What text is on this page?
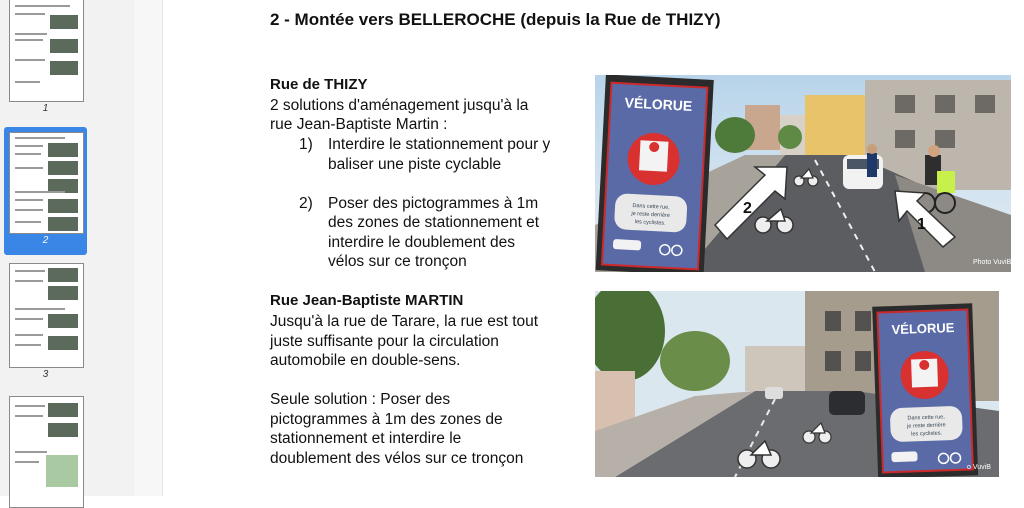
1
2
3
2 - Montée vers BELLEROCHE (depuis la Rue de THIZY)
Rue de THIZY
2 solutions d'aménagement jusqu'à la
rue Jean-Baptiste Martin :
1) Interdire le stationnement pour y
baliser une piste cyclable
2) Poser des pictogrammes à 1m
des zones de stationnement et
interdire le doublement des
vélos sur ce tronçon
Rue Jean-Baptiste MARTIN
Jusqu'à la rue de Tarare, la rue est tout
juste suffisante pour la circulation
automobile en double-sens.
Seule solution : Poser des
pictogrammes à 1m des zones de
stationnement et interdire le
doublement des vélos sur ce tronçon
VÉLORUE
Dans cette rue,
je reste derrière
les cyclistes.
2
1
Photo VuviB
VÉLORUE
Dans cette rue,
je reste derrière
les cyclistes.
o VuviB
